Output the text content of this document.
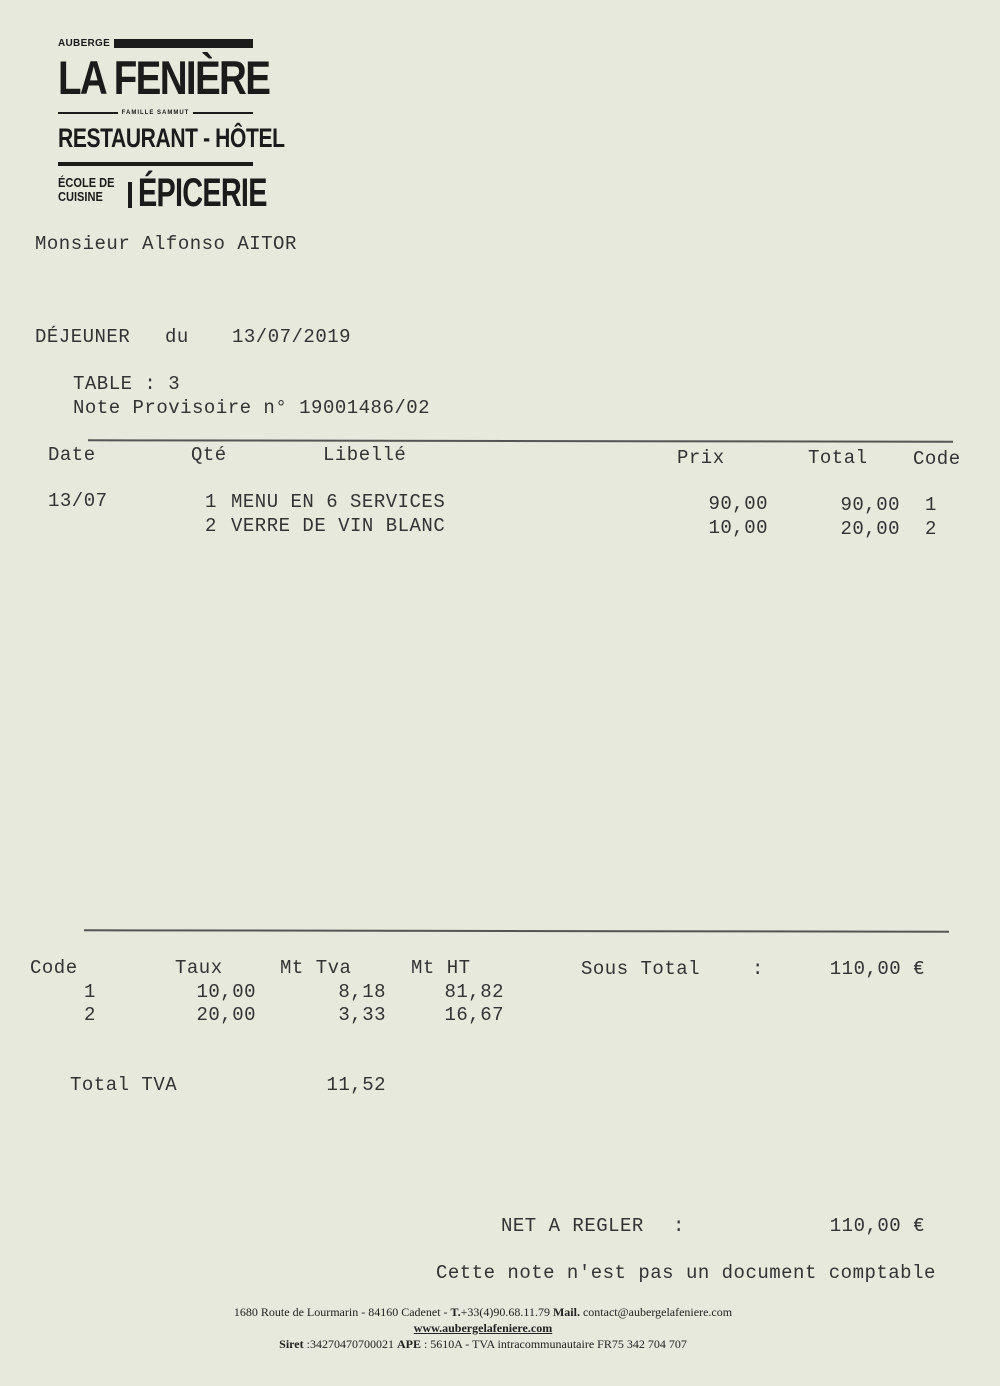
AUBERGE
LA FENIÈRE
FAMILLE SAMMUT
RESTAURANT - HÔTEL
ÉCOLE DE
CUISINE ÉPICERIE
Monsieur Alfonso AITOR
DÉJEUNER du 13/07/2019
TABLE : 3
Note Provisoire n° 19001486/02
Date	Qté	Libellé	Prix	Total Code
13/07	1 MENU EN 6 SERVICES	90,00	90,00 1
2 VERRE DE VIN BLANC	10,00	20,00 2
Code	Taux	Mt Tva	Mt HT
1	10,00	8,18	81,82
2	20,00	3,33	16,67
Sous Total	:	110,00 €
Total TVA	11,52
NET A REGLER :	110,00 €
Cette note n'est pas un document comptable
1680 Route de Lourmarin - 84160 Cadenet - T.+33(4)90.68.11.79 Mail. contact@aubergelafeniere.com
www.aubergelafeniere.com
Siret :34270470700021 APE : 5610A - TVA intracommunautaire FR75 342 704 707
